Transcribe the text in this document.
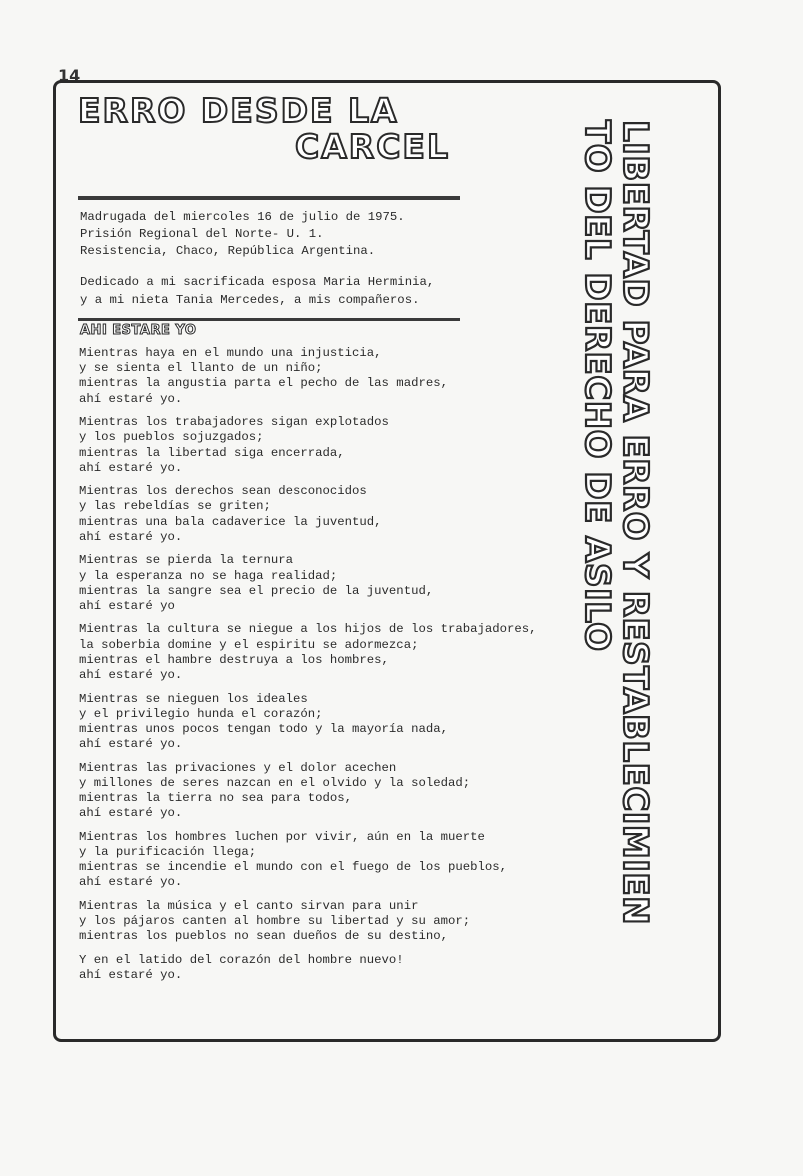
14
ERRO DESDE LA
CARCEL
Madrugada del miercoles 16 de julio de 1975.
Prisión Regional del Norte- U. 1.
Resistencia, Chaco, República Argentina.
Dedicado a mi sacrificada esposa Maria Herminia,
y a mi nieta Tania Mercedes, a mis compañeros.
AHI ESTARE YO
Mientras haya en el mundo una injusticia,
y se sienta el llanto de un niño;
mientras la angustia parta el pecho de las madres,
ahí estaré yo.
Mientras los trabajadores sigan explotados
y los pueblos sojuzgados;
mientras la libertad siga encerrada,
ahí estaré yo.
Mientras los derechos sean desconocidos
y las rebeldías se griten;
mientras una bala cadaverice la juventud,
ahí estaré yo.
Mientras se pierda la ternura
y la esperanza no se haga realidad;
mientras la sangre sea el precio de la juventud,
ahí estaré yo
Mientras la cultura se niegue a los hijos de los trabajadores,
la soberbia domine y el espiritu se adormezca;
mientras el hambre destruya a los hombres,
ahí estaré yo.
Mientras se nieguen los ideales
y el privilegio hunda el corazón;
mientras unos pocos tengan todo y la mayoría nada,
ahí estaré yo.
Mientras las privaciones y el dolor acechen
y millones de seres nazcan en el olvido y la soledad;
mientras la tierra no sea para todos,
ahí estaré yo.
Mientras los hombres luchen por vivir, aún en la muerte
y la purificación llega;
mientras se incendie el mundo con el fuego de los pueblos,
ahí estaré yo.
Mientras la música y el canto sirvan para unir
y los pájaros canten al hombre su libertad y su amor;
mientras los pueblos no sean dueños de su destino,
Y en el latido del corazón del hombre nuevo!
ahí estaré yo.
LIBERTAD PARA ERRO Y RESTABLECIMIEN
TO DEL DERECHO DE ASILO
